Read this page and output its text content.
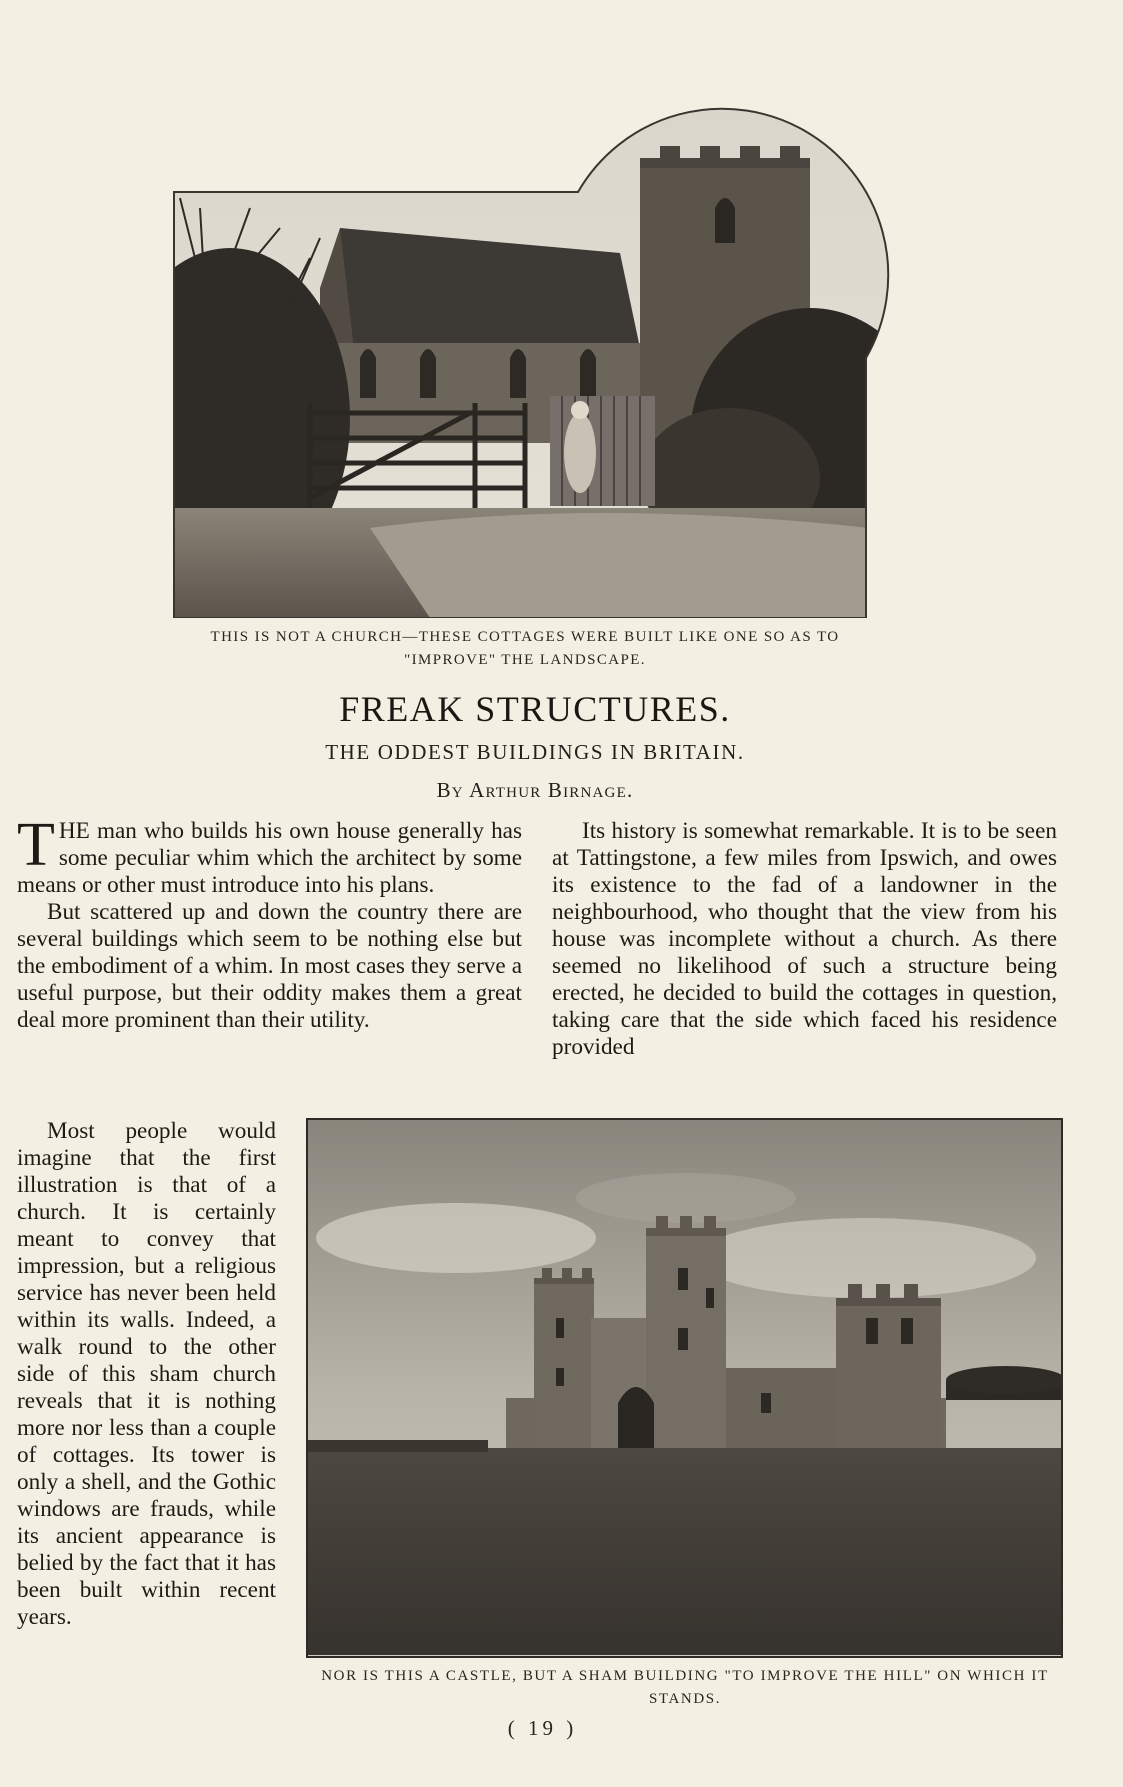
THIS IS NOT A CHURCH—THESE COTTAGES WERE BUILT LIKE ONE SO AS TO "IMPROVE" THE LANDSCAPE.
FREAK STRUCTURES.
THE ODDEST BUILDINGS IN BRITAIN.
By Arthur Birnage.

THE man who builds his own house generally has some peculiar whim which the architect by some means or other must introduce into his plans.

But scattered up and down the country there are several buildings which seem to be nothing else but the embodiment of a whim. In most cases they serve a useful purpose, but their oddity makes them a great deal more prominent than their utility.

Its history is somewhat remarkable. It is to be seen at Tattingstone, a few miles from Ipswich, and owes its existence to the fad of a landowner in the neighbourhood, who thought that the view from his house was incomplete without a church. As there seemed no likelihood of such a structure being erected, he decided to build the cottages in question, taking care that the side which faced his residence provided

Most people would imagine that the first illustration is that of a church. It is certainly meant to convey that impression, but a religious service has never been held within its walls. Indeed, a walk round to the other side of this sham church reveals that it is nothing more nor less than a couple of cottages. Its tower is only a shell, and the Gothic windows are frauds, while its ancient appearance is belied by the fact that it has been built within recent years.

NOR IS THIS A CASTLE, BUT A SHAM BUILDING "TO IMPROVE THE HILL" ON WHICH IT STANDS.
( 19 )
